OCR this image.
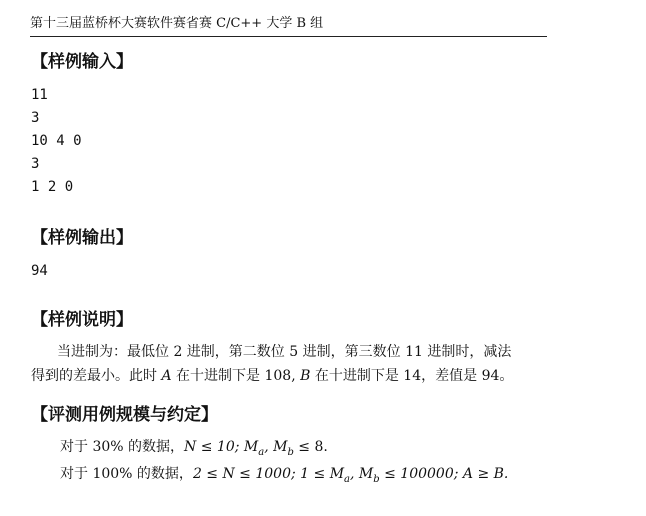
第十三届蓝桥杯大赛软件赛省赛 C/C++ 大学 B 组
【样例输入】
11
3
10 4 0
3
1 2 0
【样例输出】
94
【样例说明】
当进制为：最低位 2 进制，第二数位 5 进制，第三数位 11 进制时，减法
得到的差最小。此时 A 在十进制下是 108, B 在十进制下是 14，差值是 94。
【评测用例规模与约定】
对于 30% 的数据，N ≤ 10; $M_a$, $M_b \le 8$.
对于 100% 的数据，2 ≤ N ≤ 1000; $1 \le M_a$, $M_b \le 100000$; A ≥ B.
